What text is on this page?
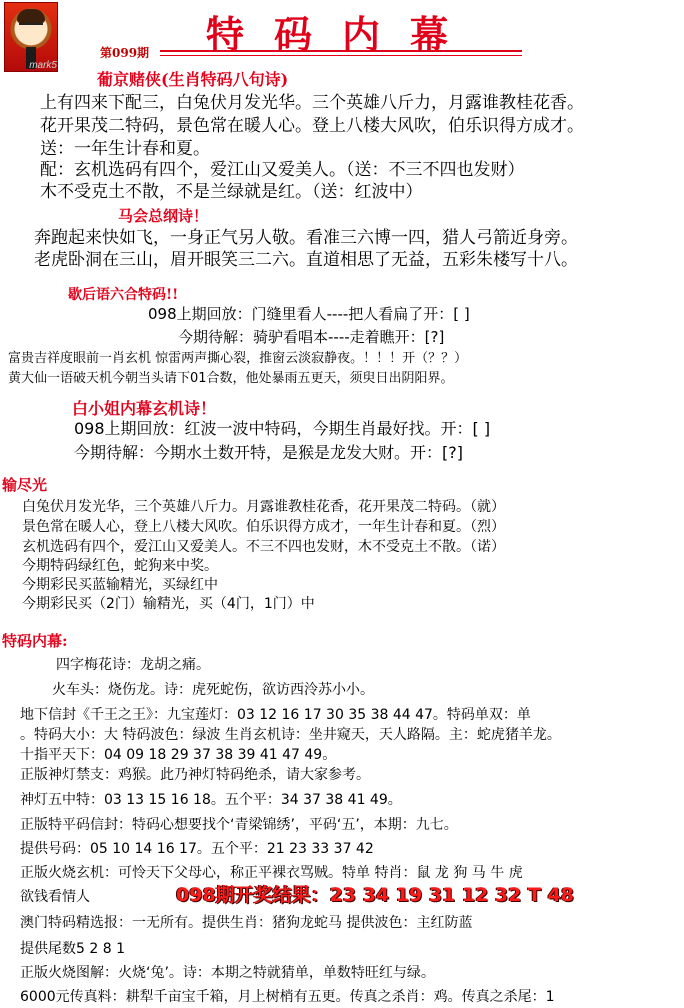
mark5
特码内幕
第099期
葡京赌侠(生肖特码八句诗)
上有四来下配三，白兔伏月发光华。三个英雄八斤力，月露谁教桂花香。
花开果茂二特码，景色常在暖人心。登上八楼大风吹，伯乐识得方成才。
送：一年生计春和夏。
配：玄机选码有四个，爱江山又爱美人。（送：不三不四也发财）
木不受克土不散，不是兰绿就是红。（送：红波中）
马会总纲诗！
奔跑起来快如飞，一身正气另人敬。看准三六博一四，猎人弓箭近身旁。
老虎卧洞在三山，眉开眼笑三二六。直道相思了无益，五彩朱楼写十八。
歇后语六合特码!!
098上期回放：门缝里看人----把人看扁了开：[ ]
今期待解：骑驴看唱本----走着瞧开：[?]
富贵吉祥度眼前一肖玄机 惊雷两声撕心裂，推窗云淡寂静夜。！！！开（？？）
黄大仙一语破天机今朝当头请下01合数，他处暴雨五更天，须臾日出阴阳界。
白小姐内幕玄机诗！
098上期回放：红波一波中特码，今期生肖最好找。开：[ ]
今期待解：今期水土数开特，是猴是龙发大财。开：[?]
输尽光
白兔伏月发光华，三个英雄八斤力。月露谁教桂花香，花开果茂二特码。（就）
景色常在暖人心，登上八楼大风吹。伯乐识得方成才，一年生计春和夏。（烈）
玄机选码有四个，爱江山又爱美人。不三不四也发财，木不受克土不散。（诺）
今期特码绿红色，蛇狗来中奖。
今期彩民买蓝输精光，买绿红中
今期彩民买（2门）输精光，买（4门，1门）中
特码内幕:
四字梅花诗：龙胡之痛。
火车头：烧伤龙。诗：虎死蛇伤，欲访西泠苏小小。
地下信封《千王之王》：九宝莲灯：03 12 16 17 30 35 38 44 47。特码单双：单
。特码大小：大 特码波色：绿波 生肖玄机诗：坐井窥天，天人路隔。主：蛇虎猪羊龙。
十指平天下：04 09 18 29 37 38 39 41 47 49。
正版神灯禁支：鸡猴。此乃神灯特码绝杀，请大家参考。
神灯五中特：03 13 15 16 18。五个平：34 37 38 41 49。
正版特平码信封：特码心想要找个‘青梁锦绣’，平码‘五’，本期：九七。
提供号码：05 10 14 16 17。五个平：21 23 33 37 42
正版火烧玄机：可怜天下父母心，称正平裸衣骂贼。特单 特肖：鼠 龙 狗 马 牛 虎
欲钱看情人	098期开奖结果：23 34 19 31 12 32 T 48
澳门特码精选报：一无所有。提供生肖：猪狗龙蛇马 提供波色：主红防蓝
提供尾数5 2 8 1
正版火烧图解：火烧‘兔’。诗：本期之特就猜单，单数特旺红与绿。
6000元传真料：耕犁千亩宝千箱，月上树梢有五更。传真之杀肖：鸡。传真之杀尾：1
